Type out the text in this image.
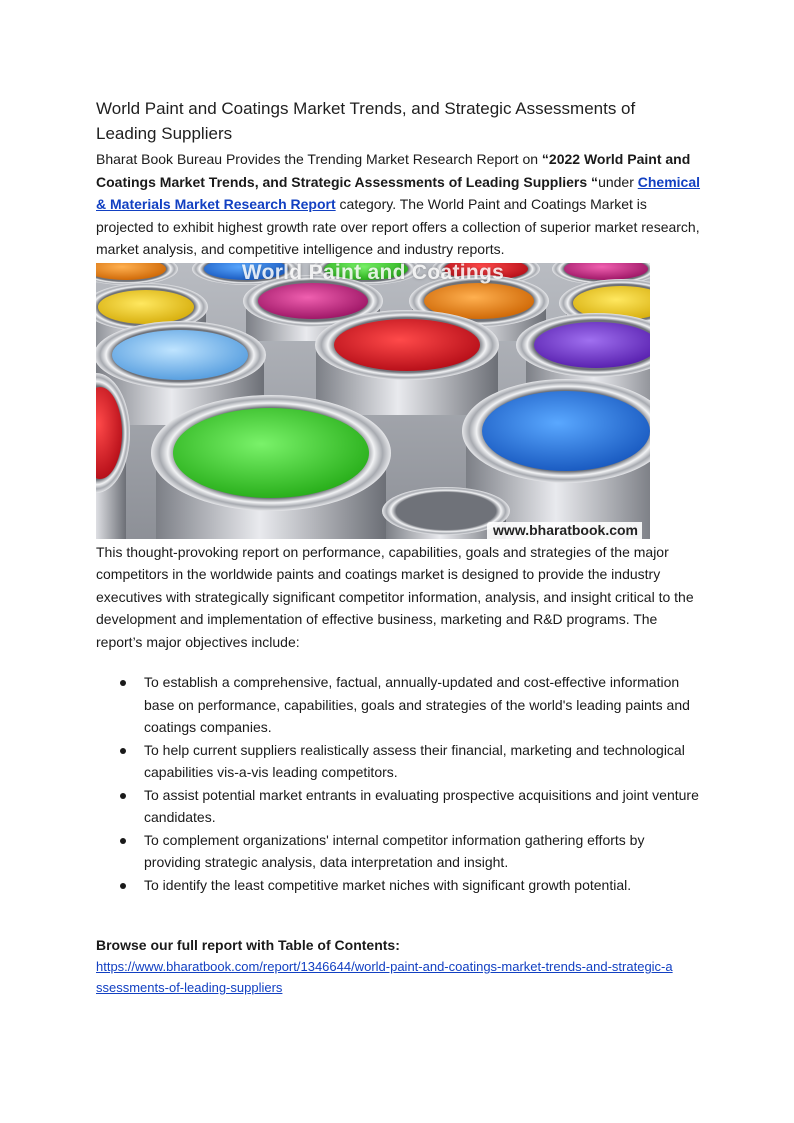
World Paint and Coatings Market Trends, and Strategic Assessments of Leading Suppliers

Bharat Book Bureau Provides the Trending Market Research Report on “2022 World Paint and Coatings Market Trends, and Strategic Assessments of Leading Suppliers “under Chemical & Materials Market Research Report category. The World Paint and Coatings Market is projected to exhibit highest growth rate over report offers a collection of superior market research, market analysis, and competitive intelligence and industry reports.

World Paint and Coatings
www.bharatbook.com

This thought-provoking report on performance, capabilities, goals and strategies of the major competitors in the worldwide paints and coatings market is designed to provide the industry executives with strategically significant competitor information, analysis, and insight critical to the development and implementation of effective business, marketing and R&D programs. The report’s major objectives include:

To establish a comprehensive, factual, annually-updated and cost-effective information base on performance, capabilities, goals and strategies of the world's leading paints and coatings companies.
To help current suppliers realistically assess their financial, marketing and technological capabilities vis-a-vis leading competitors.
To assist potential market entrants in evaluating prospective acquisitions and joint venture candidates.
To complement organizations' internal competitor information gathering efforts by providing strategic analysis, data interpretation and insight.
To identify the least competitive market niches with significant growth potential.

Browse our full report with Table of Contents:

https://www.bharatbook.com/report/1346644/world-paint-and-coatings-market-trends-and-strategic-assessments-of-leading-suppliers
